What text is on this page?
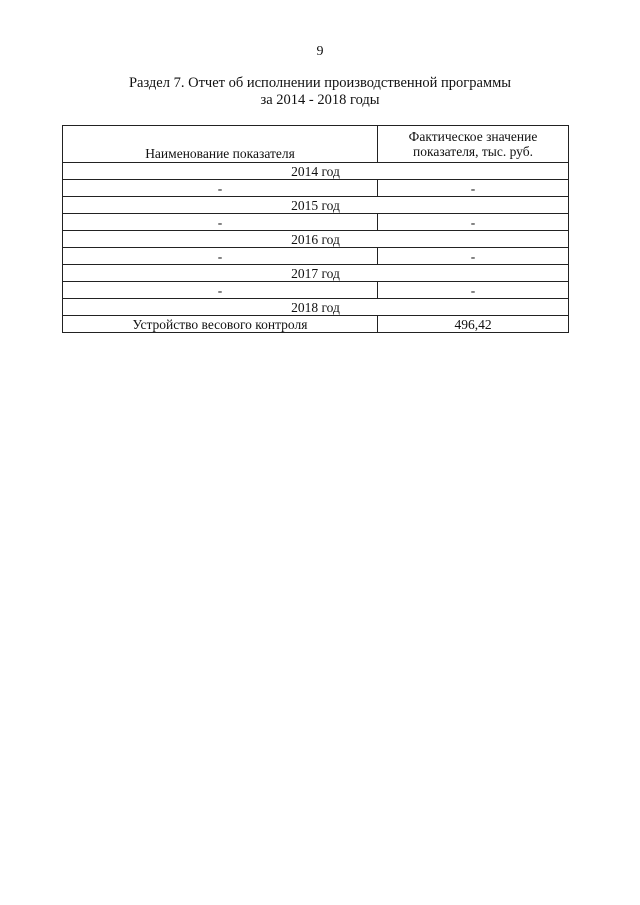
9
Раздел 7. Отчет об исполнении производственной программы
за 2014 - 2018 годы
Наименование показателя	Фактическое значение показателя, тыс. руб.
2014 год	
-	-
2015 год	
-	-
2016 год	
-	-
2017 год	
-	-
2018 год	
Устройство весового контроля	496,42
